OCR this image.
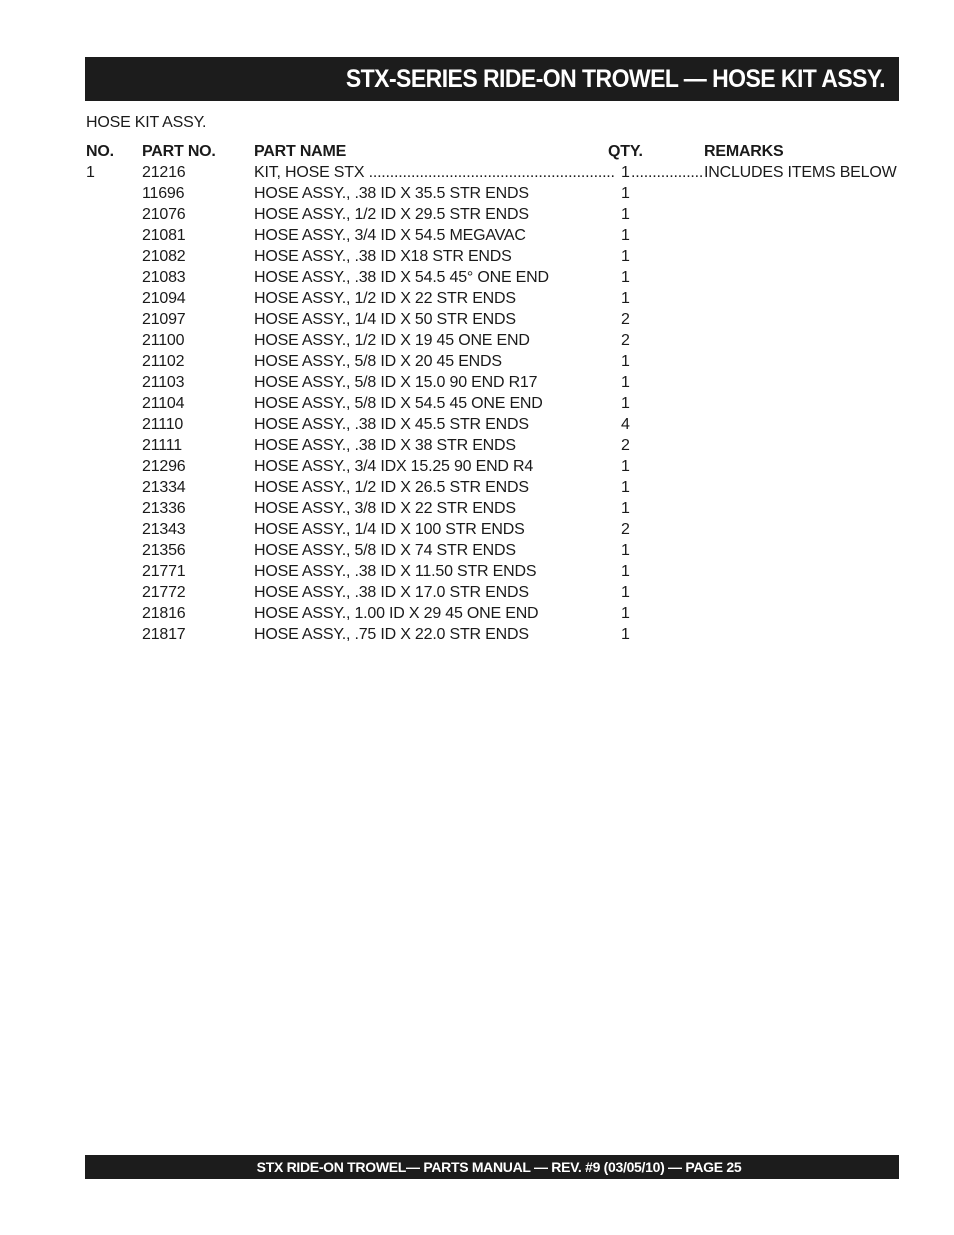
STX-SERIES RIDE-ON TROWEL — HOSE KIT ASSY.
HOSE KIT ASSY.
NO. PART NO. PART NAME	QTY.	REMARKS
1	21216	KIT, HOSE STX .....	1
.....	INCLUDES ITEMS BELOW
11696	HOSE ASSY., .38 ID X 35.5 STR ENDS	1
21076	HOSE ASSY., 1/2 ID X 29.5 STR ENDS	1
21081	HOSE ASSY., 3/4 ID X 54.5 MEGAVAC	1
21082	HOSE ASSY., .38 ID X18 STR ENDS	1
21083	HOSE ASSY., .38 ID X 54.5 45° ONE END	1
21094	HOSE ASSY., 1/2 ID X 22 STR ENDS	1
21097	HOSE ASSY., 1/4 ID X 50 STR ENDS	2
21100	HOSE ASSY., 1/2 ID X 19 45 ONE END	2
21102	HOSE ASSY., 5/8 ID X 20 45 ENDS	1
21103	HOSE ASSY., 5/8 ID X 15.0 90 END R17	1
21104	HOSE ASSY., 5/8 ID X 54.5 45 ONE END	1
21110	HOSE ASSY., .38 ID X 45.5 STR ENDS	4
21111	HOSE ASSY., .38 ID X 38 STR ENDS	2
21296	HOSE ASSY., 3/4 IDX 15.25 90 END R4	1
21334	HOSE ASSY., 1/2 ID X 26.5 STR ENDS	1
21336	HOSE ASSY., 3/8 ID X 22 STR ENDS	1
21343	HOSE ASSY., 1/4 ID X 100 STR ENDS	2
21356	HOSE ASSY., 5/8 ID X 74 STR ENDS	1
21771	HOSE ASSY., .38 ID X 11.50 STR ENDS	1
21772	HOSE ASSY., .38 ID X 17.0 STR ENDS	1
21816	HOSE ASSY., 1.00 ID X 29 45 ONE END	1
21817	HOSE ASSY., .75 ID X 22.0 STR ENDS	1
STX RIDE-ON TROWEL— PARTS MANUAL — REV. #9 (03/05/10) — PAGE 25
